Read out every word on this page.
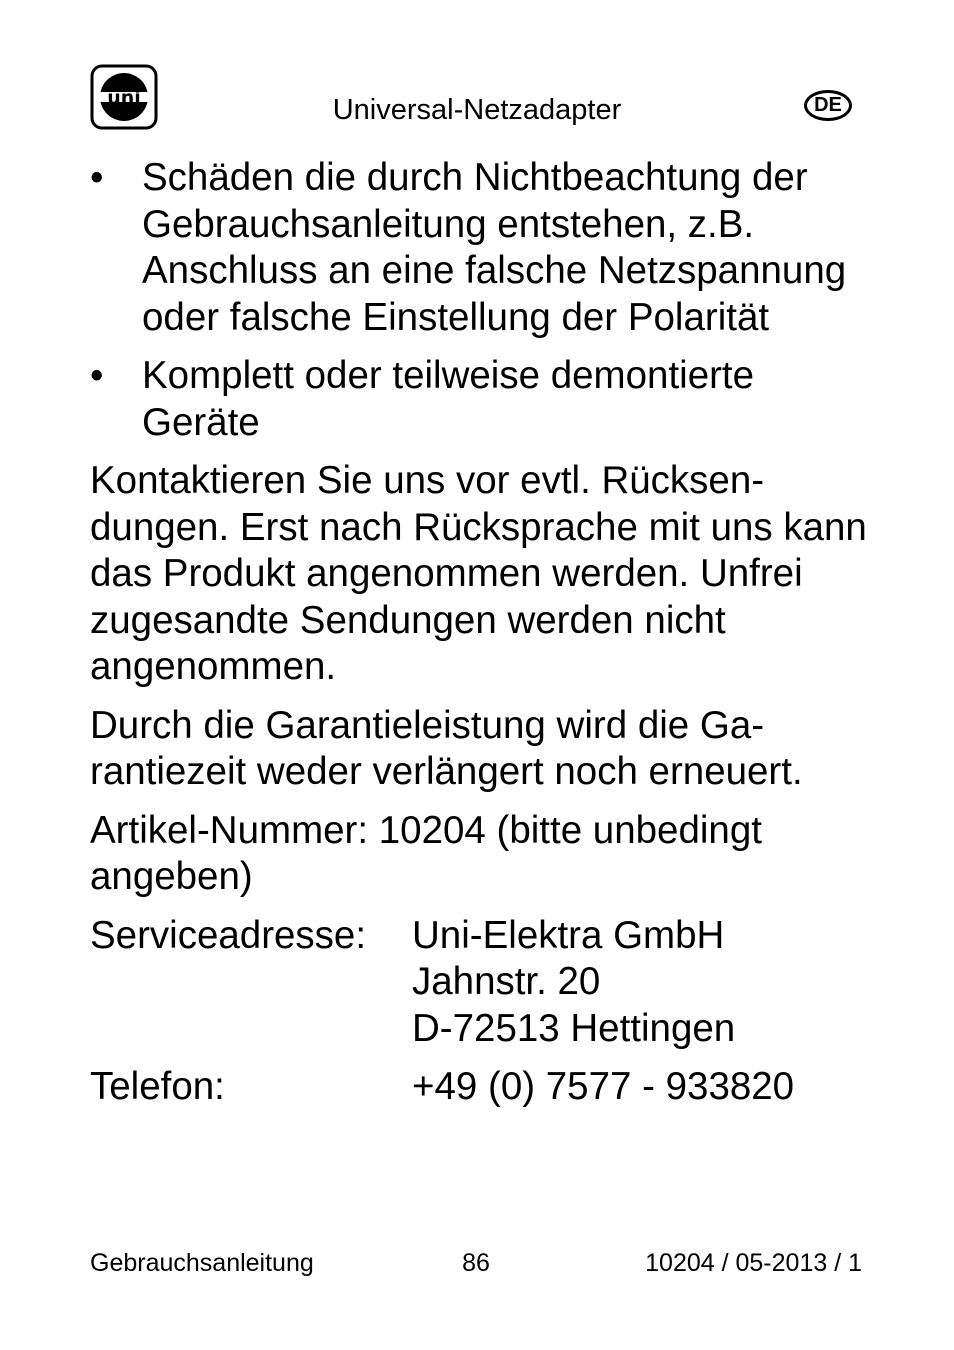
uni	Universal-Netzadapter	DE
• Schäden die durch Nichtbeachtung der Gebrauchsanleitung entstehen, z.B. Anschluss an eine falsche Netzspannung oder falsche Einstellung der Polarität
• Komplett oder teilweise demontierte Geräte

Kontaktieren Sie uns vor evtl. Rücksen-dungen. Erst nach Rücksprache mit uns kann das Produkt angenommen werden. Unfrei zugesandte Sendungen werden nicht angenommen.

Durch die Garantieleistung wird die Ga-rantiezeit weder verlängert noch erneuert.

Artikel-Nummer: 10204 (bitte unbedingt angeben)

Serviceadresse:	Uni-Elektra GmbH
Jahnstr. 20
D-72513 Hettingen
Telefon:	+49 (0) 7577 - 933820
Gebrauchsanleitung	86	10204 / 05-2013 / 1
